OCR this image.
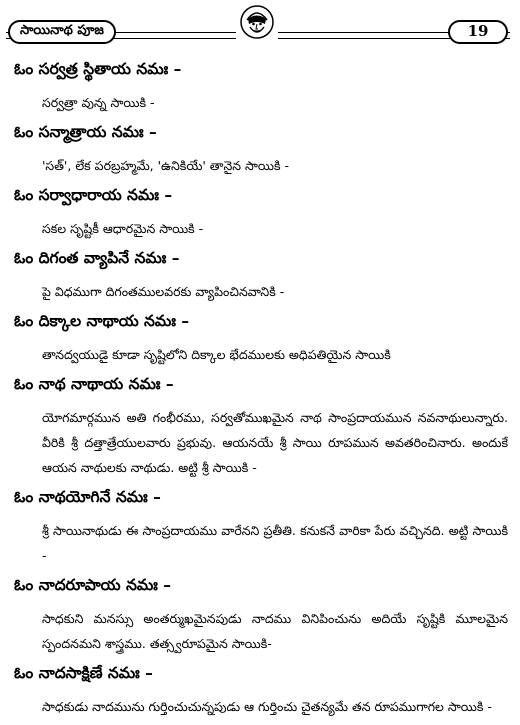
సాయినాథ పూజ	19

ఓం సర్వత్ర స్థితాయ నమః –

సర్వత్రా వున్న సాయికి -

ఓం సన్మాత్రాయ నమః –

'సత్', లేక పరబ్రహ్మమే, 'ఉనికియే' తానైన సాయికి -

ఓం సర్వాధారాయ నమః –

సకల సృష్టికీ ఆధారమైన సాయికి -

ఓం దిగంత వ్యాపినే నమః –

పై విధముగా దిగంతములవరకు వ్యాపించినవానికి -

ఓం దిక్కాల నాథాయ నమః –

తానద్వయుడై కూడా సృష్టిలోని దిక్కాల భేదములకు అధిపతియైన సాయికి

ఓం నాథ నాథాయ నమః –

యోగమార్గమున అతి గంభీరము, సర్వతోముఖమైన నాథ సాంప్రదాయమున నవనాథులున్నారు. వీరికి శ్రీ దత్తాత్రేయులవారు ప్రభువు. ఆయనయే శ్రీ సాయి రూపమున అవతరించినారు. అందుకే ఆయన నాథులకు నాథుడు. అట్టి శ్రీ సాయికి -

ఓం నాథయోగినే నమః –

శ్రీ సాయినాథుడు ఈ సాంప్రదాయము వారేనని ప్రతీతి. కనుకనే వారికా పేరు వచ్చినది. అట్టి సాయికి -

ఓం నాదరూపాయ నమః –

సాధకుని మనస్సు అంతర్ముఖమైనపుడు నాదము వినిపించును అదియే సృష్టికి మూలమైన స్పందనమని శాస్త్రము. తత్స్వరూపమైన సాయికి-

ఓం నాదసాక్షిణే నమః –

సాధకుడు నాదమును గుర్తించుచున్నపుడు ఆ గుర్తించు చైతన్యమే తన రూపముగాగల సాయికి -
